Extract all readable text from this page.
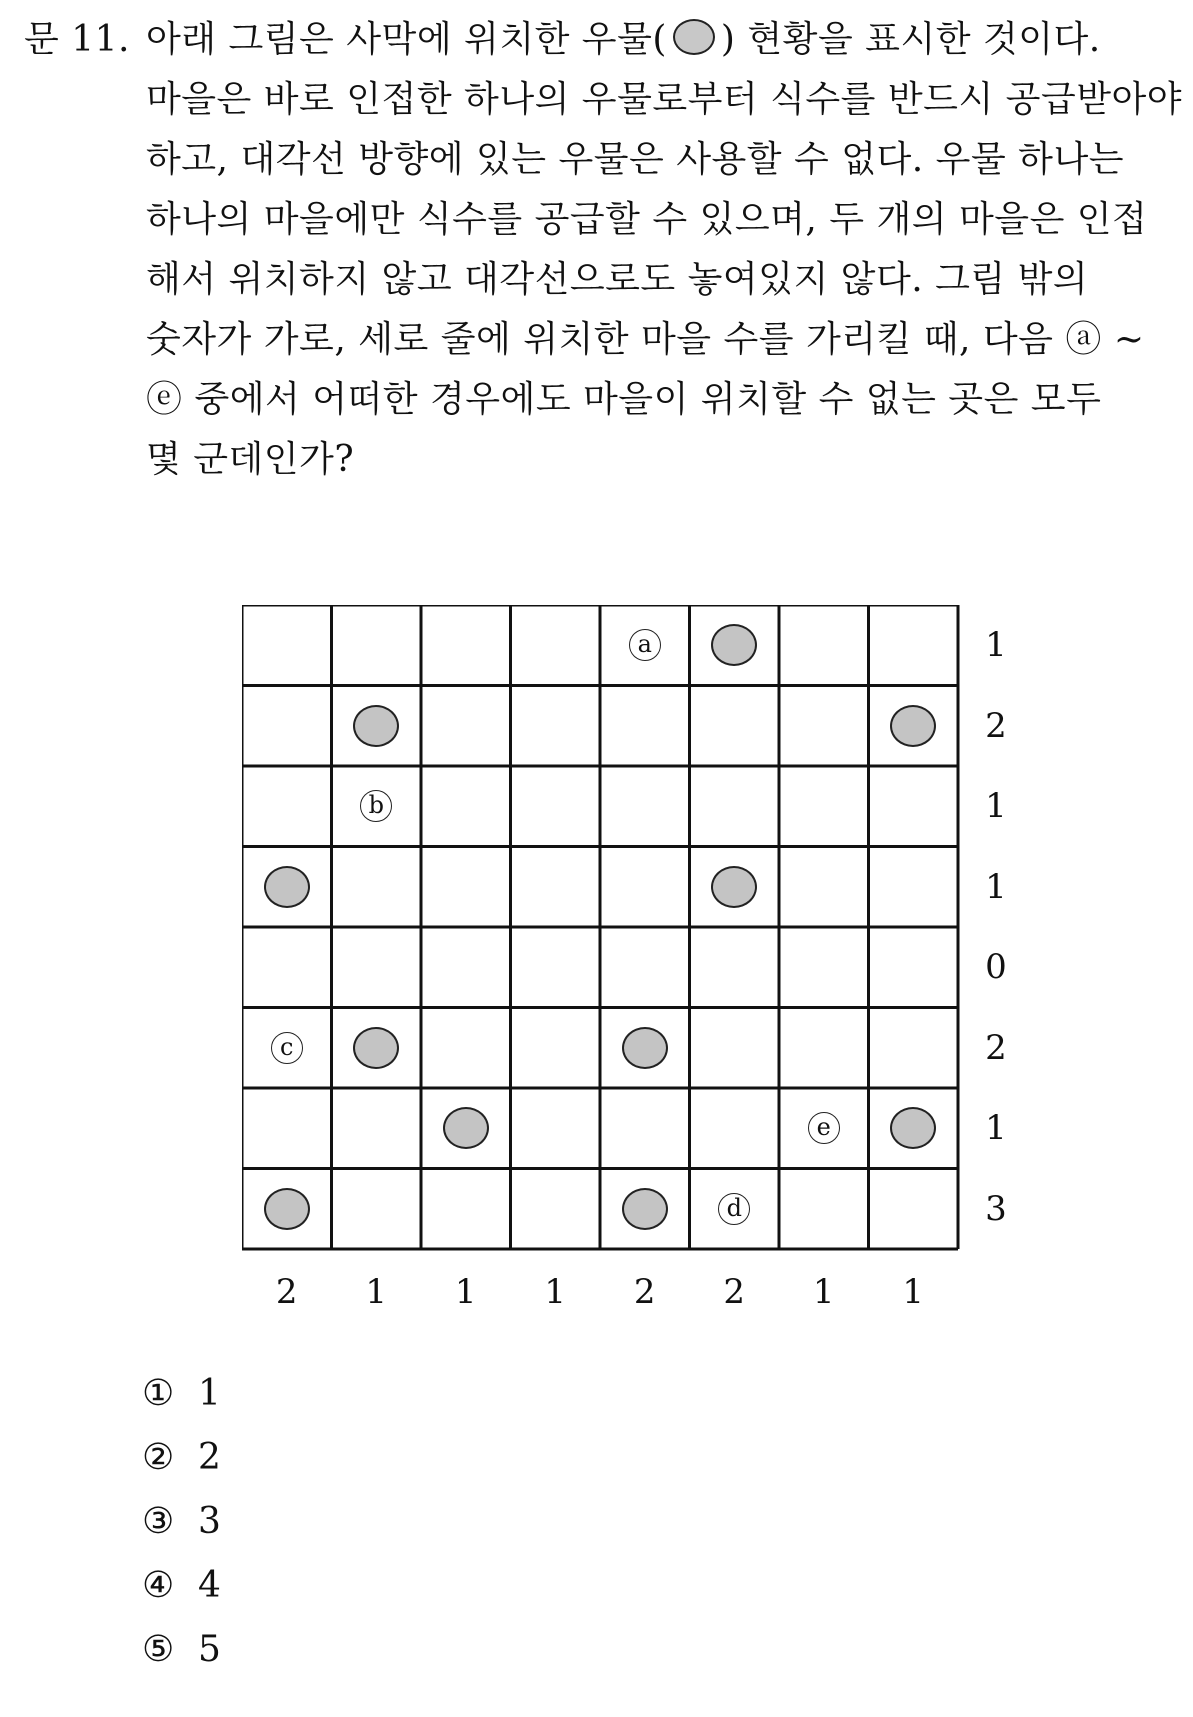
문 11. 아래 그림은 사막에 위치한 우물( ) 현황을 표시한 것이다.
마을은 바로 인접한 하나의 우물로부터 식수를 반드시 공급받아야
하고, 대각선 방향에 있는 우물은 사용할 수 없다. 우물 하나는
하나의 마을에만 식수를 공급할 수 있으며, 두 개의 마을은 인접
해서 위치하지 않고 대각선으로도 놓여있지 않다. 그림 밖의
숫자가 가로, 세로 줄에 위치한 마을 수를 가리킬 때, 다음 ⓐ ~
ⓔ 중에서 어떠한 경우에도 마을이 위치할 수 없는 곳은 모두
몇 군데인가?
a
b
c
d
e
1
2
1
1
0
2
1
3
2 1 1 1 2 2 1 1
① 1
② 2
③ 3
④ 4
⑤ 5
